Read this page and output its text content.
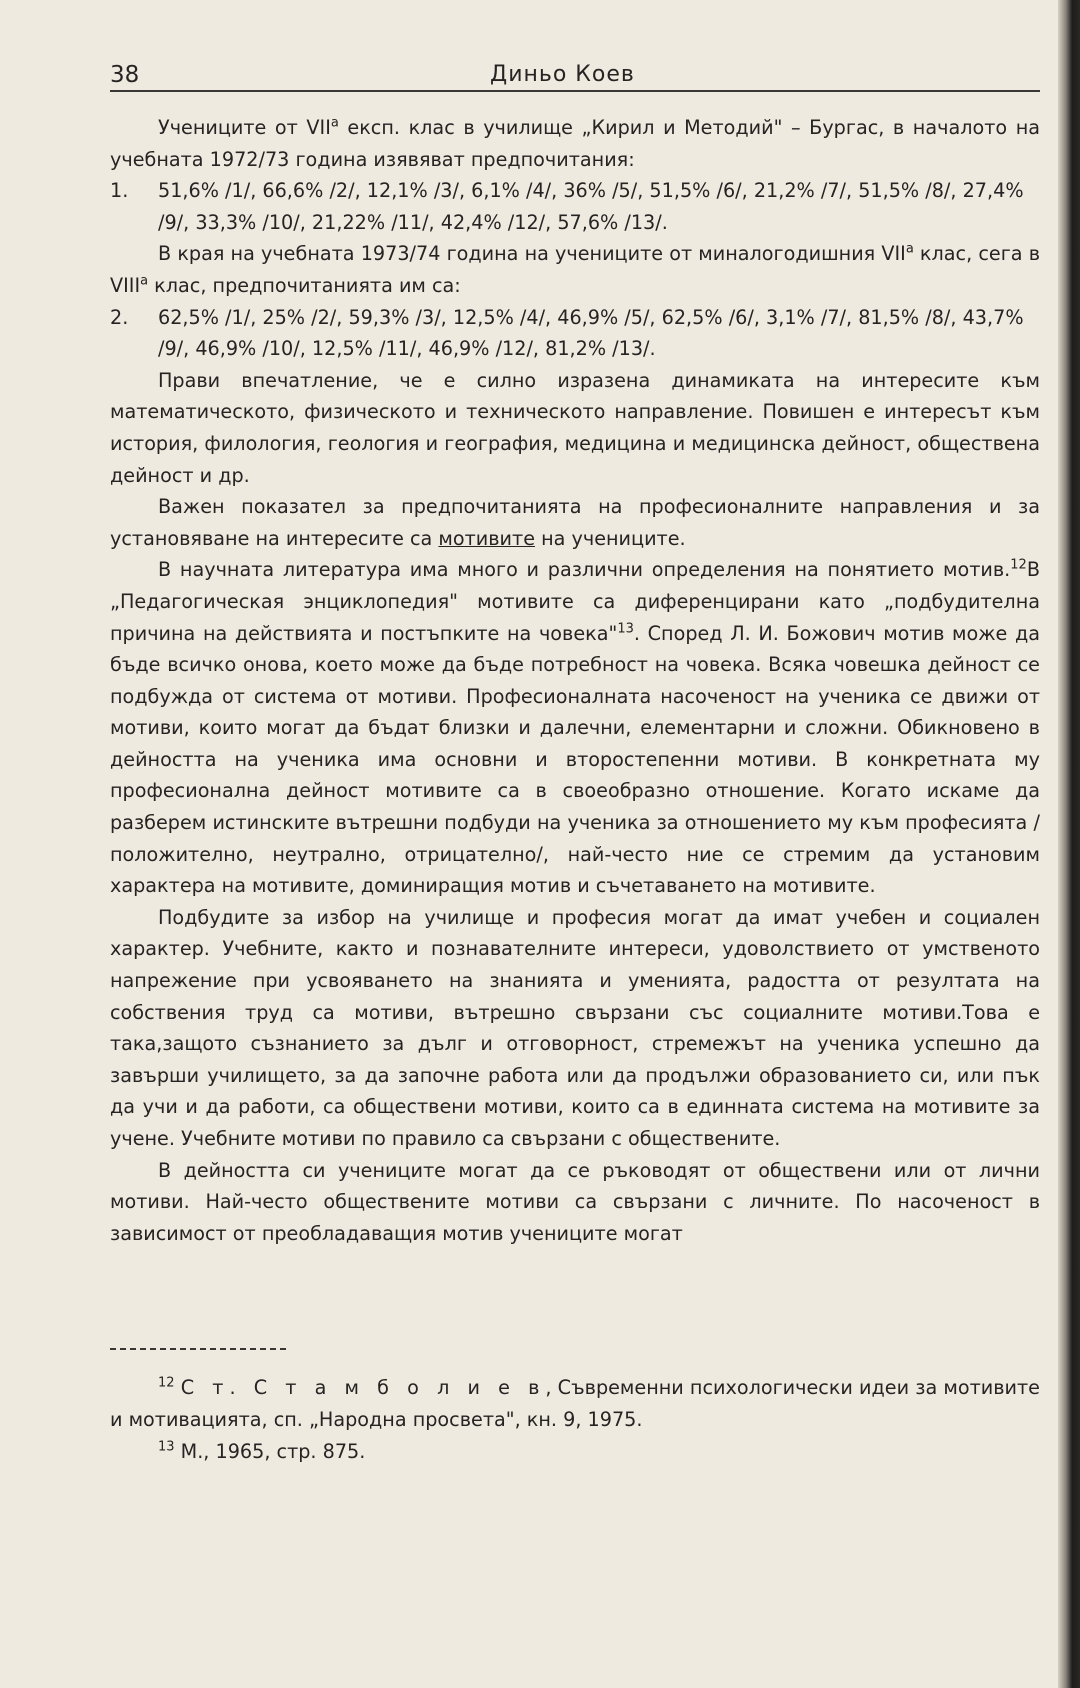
38	Диньо Коев

Учениците от $VII^а$ експ. клас в училище „Кирил и Методий" – Бургас, в началото на учебната 1972/73 година изявяват предпочитания:

1.	51,6% /1/, 66,6% /2/, 12,1% /3/, 6,1% /4/, 36% /5/, 51,5% /6/, 21,2% /7/, 51,5% /8/, 27,4% /9/, 33,3% /10/, 21,22% /11/, 42,4% /12/, 57,6% /13/.

В края на учебната 1973/74 година на учениците от миналогодишния $VII^а$ клас, сега в $VIII^а$ клас, предпочитанията им са:

2.	62,5% /1/, 25% /2/, 59,3% /3/, 12,5% /4/, 46,9% /5/, 62,5% /6/, 3,1% /7/, 81,5% /8/, 43,7% /9/, 46,9% /10/, 12,5% /11/, 46,9% /12/, 81,2% /13/.

Прави впечатление, че е силно изразена динамиката на интересите към математическото, физическото и техническото направление. Повишен е интересът към история, филология, геология и география, медицина и медицинска дейност, обществена дейност и др.

Важен показател за предпочитанията на професионалните направления и за установяване на интересите са мотивите на учениците.

В научната литература има много и различни определения на понятието мотив.$^{12}$В „Педагогическая энциклопедия" мотивите са диференцирани като „подбудителна причина на действията и постъпките на човека"$^{13}$. Според Л. И. Божович мотив може да бъде всичко онова, което може да бъде потребност на човека. Всяка човешка дейност се подбужда от система от мотиви. Професионалната насоченост на ученика се движи от мотиви, които могат да бъдат близки и далечни, елементарни и сложни. Обикновено в дейността на ученика има основни и второстепенни мотиви. В конкретната му професионална дейност мотивите са в своеобразно отношение. Когато искаме да разберем истинските вътрешни подбуди на ученика за отношението му към професията /положително, неутрално, отрицателно/, най-често ние се стремим да установим характера на мотивите, доминиращия мотив и съчетаването на мотивите.

Подбудите за избор на училище и професия могат да имат учебен и социален характер. Учебните, както и познавателните интереси, удоволствието от умственото напрежение при усвояването на знанията и уменията, радостта от резултата на собствения труд са мотиви, вътрешно свързани със социалните мотиви.Това е така,защото съзнанието за дълг и отговорност, стремежът на ученика успешно да завърши училището, за да започне работа или да продължи образованието си, или пък да учи и да работи, са обществени мотиви, които са в единната система на мотивите за учене. Учебните мотиви по правило са свързани с обществените.

В дейността си учениците могат да се ръководят от обществени или от лични мотиви. Най-често обществените мотиви са свързани с личните. По насоченост в зависимост от преобладаващия мотив учениците могат

$^{12}$ С т. С т а м б о л и е в, Съвременни психологически идеи за мотивите и мотивацията, сп. „Народна просвета", кн. 9, 1975.

$^{13}$ М., 1965, стр. 875.
